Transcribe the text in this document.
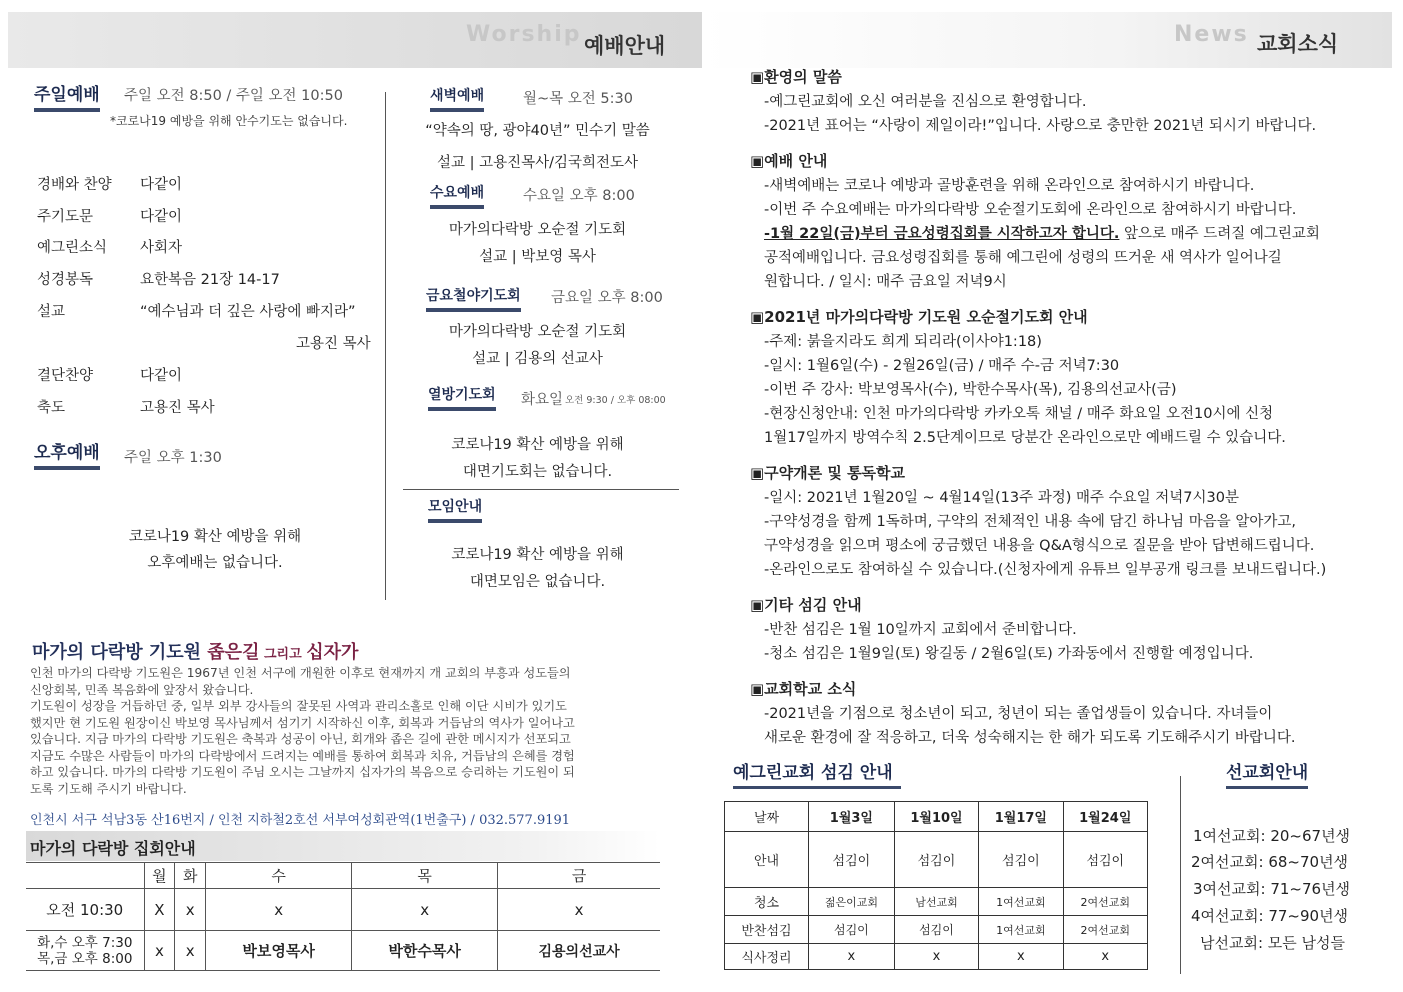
Worship 예배안내	News 교회소식
주일예배 주일 오전 8:50 / 주일 오전 10:50
*코로나19 예방을 위해 안수기도는 없습니다.
경배와 찬양 다같이
주기도문	다같이
예그린소식 사회자
성경봉독	요한복음 21장 14-17
설교	“예수님과 더 깊은 사랑에 빠지라”
고용진 목사
결단찬양	다같이
축도	고용진 목사
오후예배 주일 오후 1:30
코로나19 확산 예방을 위해
오후예배는 없습니다.
새벽예배	월~목 오전 5:30
“약속의 땅, 광야40년” 민수기 말씀
설교 | 고용진목사/김국희전도사
수요예배	수요일 오후 8:00
마가의다락방 오순절 기도회
설교 | 박보영 목사
금요철야기도회 금요일 오후 8:00
마가의다락방 오순절 기도회
설교 | 김용의 선교사
열방기도회 화요일 오전 9:30 / 오후 08:00
코로나19 확산 예방을 위해
대면기도회는 없습니다.
모임안내
코로나19 확산 예방을 위해
대면모임은 없습니다.
마가의 다락방 기도원 좁은길 그리고 십자가
인천 마가의 다락방 기도원은 1967년 인천 서구에 개원한 이후로 현재까지 개 교회의 부흥과 성도들의
신앙회복, 민족 복음화에 앞장서 왔습니다.
기도원이 성장을 거듭하던 중, 일부 외부 강사들의 잘못된 사역과 관리소홀로 인해 이단 시비가 있기도
했지만 현 기도원 원장이신 박보영 목사님께서 섬기기 시작하신 이후, 회복과 거듭남의 역사가 일어나고
있습니다. 지금 마가의 다락방 기도원은 축복과 성공이 아닌, 회개와 좁은 길에 관한 메시지가 선포되고
지금도 수많은 사람들이 마가의 다락방에서 드려지는 예배를 통하여 회복과 치유, 거듭남의 은혜를 경험
하고 있습니다. 마가의 다락방 기도원이 주님 오시는 그날까지 십자가의 복음으로 승리하는 기도원이 되
도록 기도해 주시기 바랍니다.
인천시 서구 석남3동 산16번지 / 인천 지하철2호선 서부여성회관역(1번출구) / 032.577.9191
마가의 다락방 집회안내
	월	화	수	목	금
오전 10:30	X	x	x	x	x

화,수 오후 7:30
목,금 오후 8:00	x	x	박보영목사	박한수목사	김용의선교사
▣환영의 말씀
-예그린교회에 오신 여러분을 진심으로 환영합니다.
-2021년 표어는 “사랑이 제일이라!”입니다. 사랑으로 충만한 2021년 되시기 바랍니다.
▣예배 안내
-새벽예배는 코로나 예방과 골방훈련을 위해 온라인으로 참여하시기 바랍니다.
-이번 주 수요예배는 마가의다락방 오순절기도회에 온라인으로 참여하시기 바랍니다.
-1월 22일(금)부터 금요성령집회를 시작하고자 합니다. 앞으로 매주 드려질 예그린교회
공적예배입니다. 금요성령집회를 통해 예그린에 성령의 뜨거운 새 역사가 일어나길
원합니다. / 일시: 매주 금요일 저녁9시
▣2021년 마가의다락방 기도원 오순절기도회 안내
-주제: 붉을지라도 희게 되리라(이사야1:18)
-일시: 1월6일(수) - 2월26일(금) / 매주 수-금 저녁7:30
-이번 주 강사: 박보영목사(수), 박한수목사(목), 김용의선교사(금)
-현장신청안내: 인천 마가의다락방 카카오톡 채널 / 매주 화요일 오전10시에 신청
1월17일까지 방역수칙 2.5단계이므로 당분간 온라인으로만 예배드릴 수 있습니다.
▣구약개론 및 통독학교
-일시: 2021년 1월20일 ~ 4월14일(13주 과정) 매주 수요일 저녁7시30분
-구약성경을 함께 1독하며, 구약의 전체적인 내용 속에 담긴 하나님 마음을 알아가고,
구약성경을 읽으며 평소에 궁금했던 내용을 Q&A형식으로 질문을 받아 답변해드립니다.
-온라인으로도 참여하실 수 있습니다.(신청자에게 유튜브 일부공개 링크를 보내드립니다.)
▣기타 섬김 안내
-반찬 섬김은 1월 10일까지 교회에서 준비합니다.
-청소 섬김은 1월9일(토) 왕길동 / 2월6일(토) 가좌동에서 진행할 예정입니다.
▣교회학교 소식
-2021년을 기점으로 청소년이 되고, 청년이 되는 졸업생들이 있습니다. 자녀들이
새로운 환경에 잘 적응하고, 더욱 성숙해지는 한 해가 되도록 기도해주시기 바랍니다.
예그린교회 섬김 안내
날짜	1월3일	1월10일	1월17일	1월24일
안내	섬김이	섬김이	섬김이	섬김이
청소	젊은이교회	남선교회	1여선교회	2여선교회
반찬섬김	섬김이	섬김이	1여선교회	2여선교회
식사정리	x	x	x	x
선교회안내
1여선교회: 20~67년생
2여선교회: 68~70년생
3여선교회: 71~76년생
4여선교회: 77~90년생
남선교회: 모든 남성들
